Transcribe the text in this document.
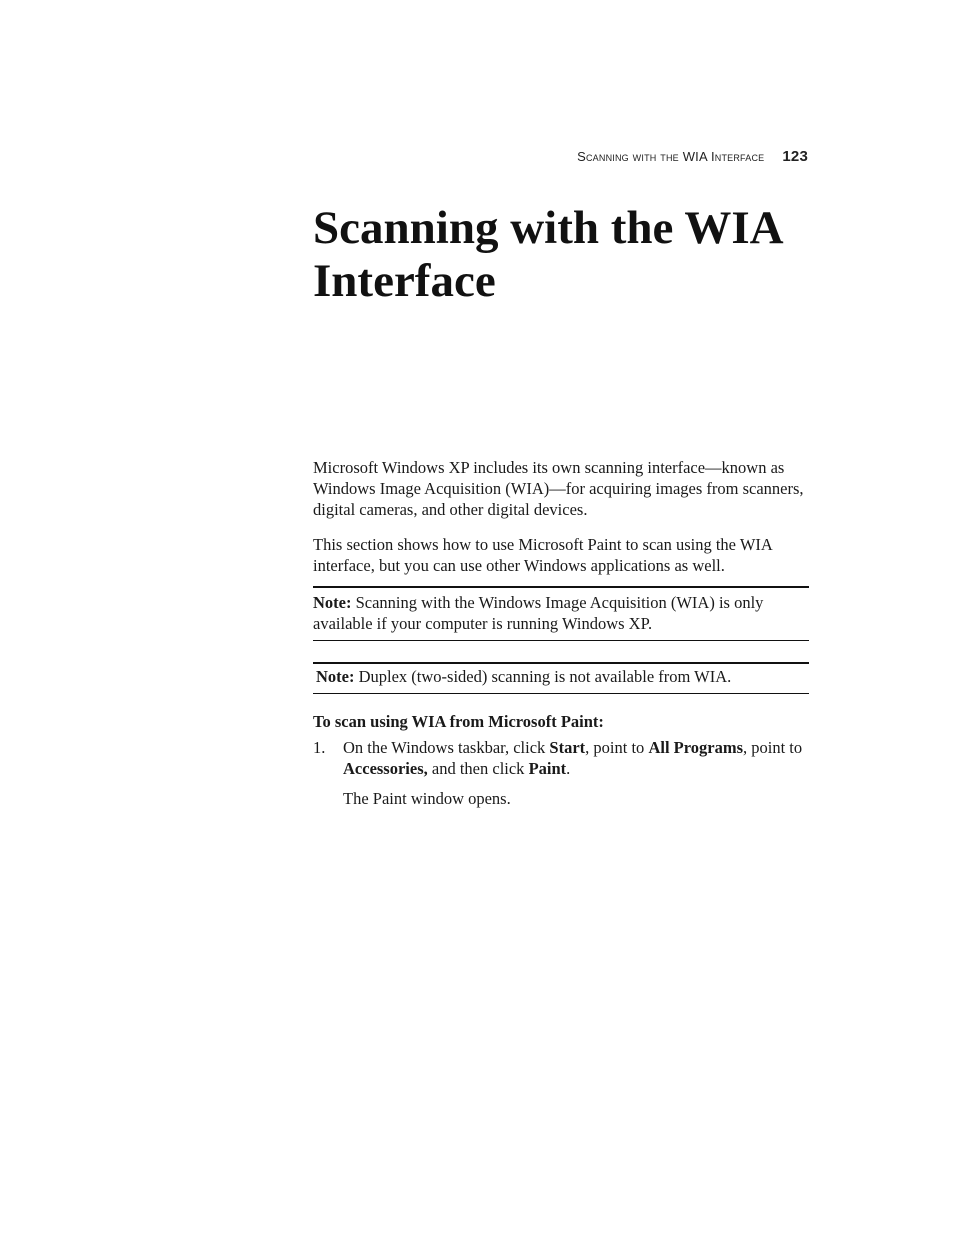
Scanning with the WIA Interface 123
Scanning with the WIA
Interface

Microsoft Windows XP includes its own scanning interface—known as Windows Image Acquisition (WIA)—for acquiring images from scanners, digital cameras, and other digital devices.

This section shows how to use Microsoft Paint to scan using the WIA interface, but you can use other Windows applications as well.

Note: Scanning with the Windows Image Acquisition (WIA) is only available if your computer is running Windows XP.
Note: Duplex (two-sided) scanning is not available from WIA.
To scan using WIA from Microsoft Paint:
1. On the Windows taskbar, click Start, point to All Programs, point to Accessories, and then click Paint.
The Paint window opens.
